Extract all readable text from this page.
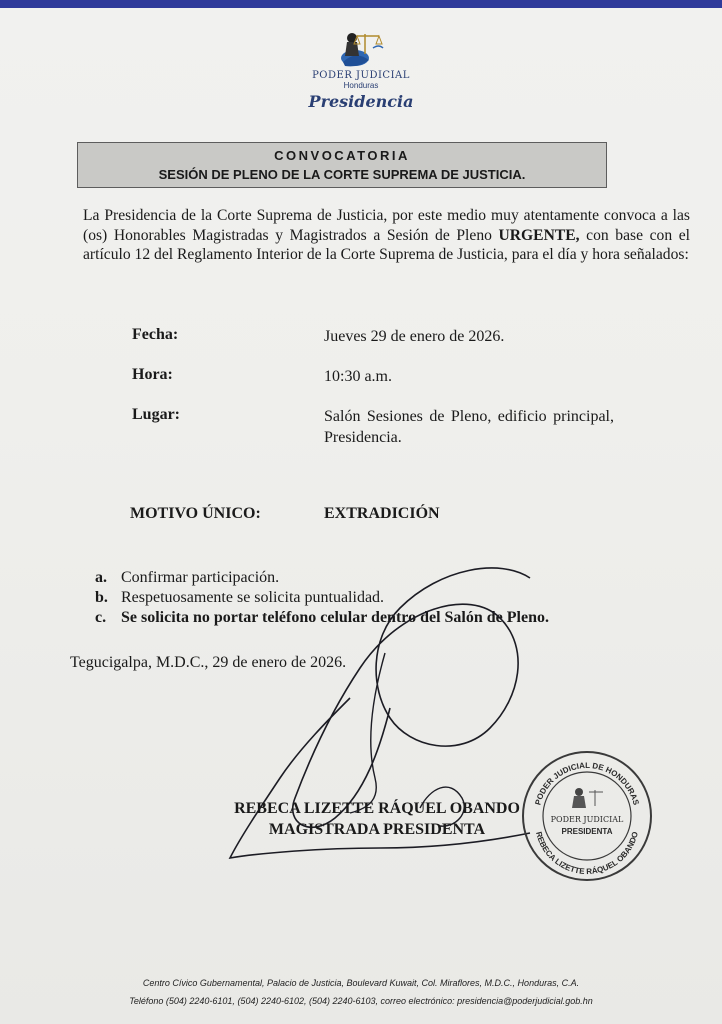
PODER JUDICIAL
Honduras
Presidencia
CONVOCATORIA
SESIÓN DE PLENO DE LA CORTE SUPREMA DE JUSTICIA.
La Presidencia de la Corte Suprema de Justicia, por este medio muy atentamente convoca a las (os) Honorables Magistradas y Magistrados a Sesión de Pleno URGENTE, con base con el artículo 12 del Reglamento Interior de la Corte Suprema de Justicia, para el día y hora señalados:
Fecha:	Jueves 29 de enero de 2026.
Hora:	10:30 a.m.
Lugar:	Salón Sesiones de Pleno, edificio principal, Presidencia.
MOTIVO ÚNICO:	EXTRADICIÓN
a. Confirmar participación.
b. Respetuosamente se solicita puntualidad.
c. Se solicita no portar teléfono celular dentro del Salón de Pleno.
Tegucigalpa, M.D.C., 29 de enero de 2026.
REBECA LIZETTE RÁQUEL OBANDO
MAGISTRADA PRESIDENTA
PODER JUDICIAL DE HONDURAS
REBECA LIZETTE RÁQUEL OBANDO
PODER JUDICIAL
PRESIDENTA
Centro Cívico Gubernamental, Palacio de Justicia, Boulevard Kuwait, Col. Miraflores, M.D.C., Honduras, C.A.
Teléfono (504) 2240-6101, (504) 2240-6102, (504) 2240-6103, correo electrónico: presidencia@poderjudicial.gob.hn
